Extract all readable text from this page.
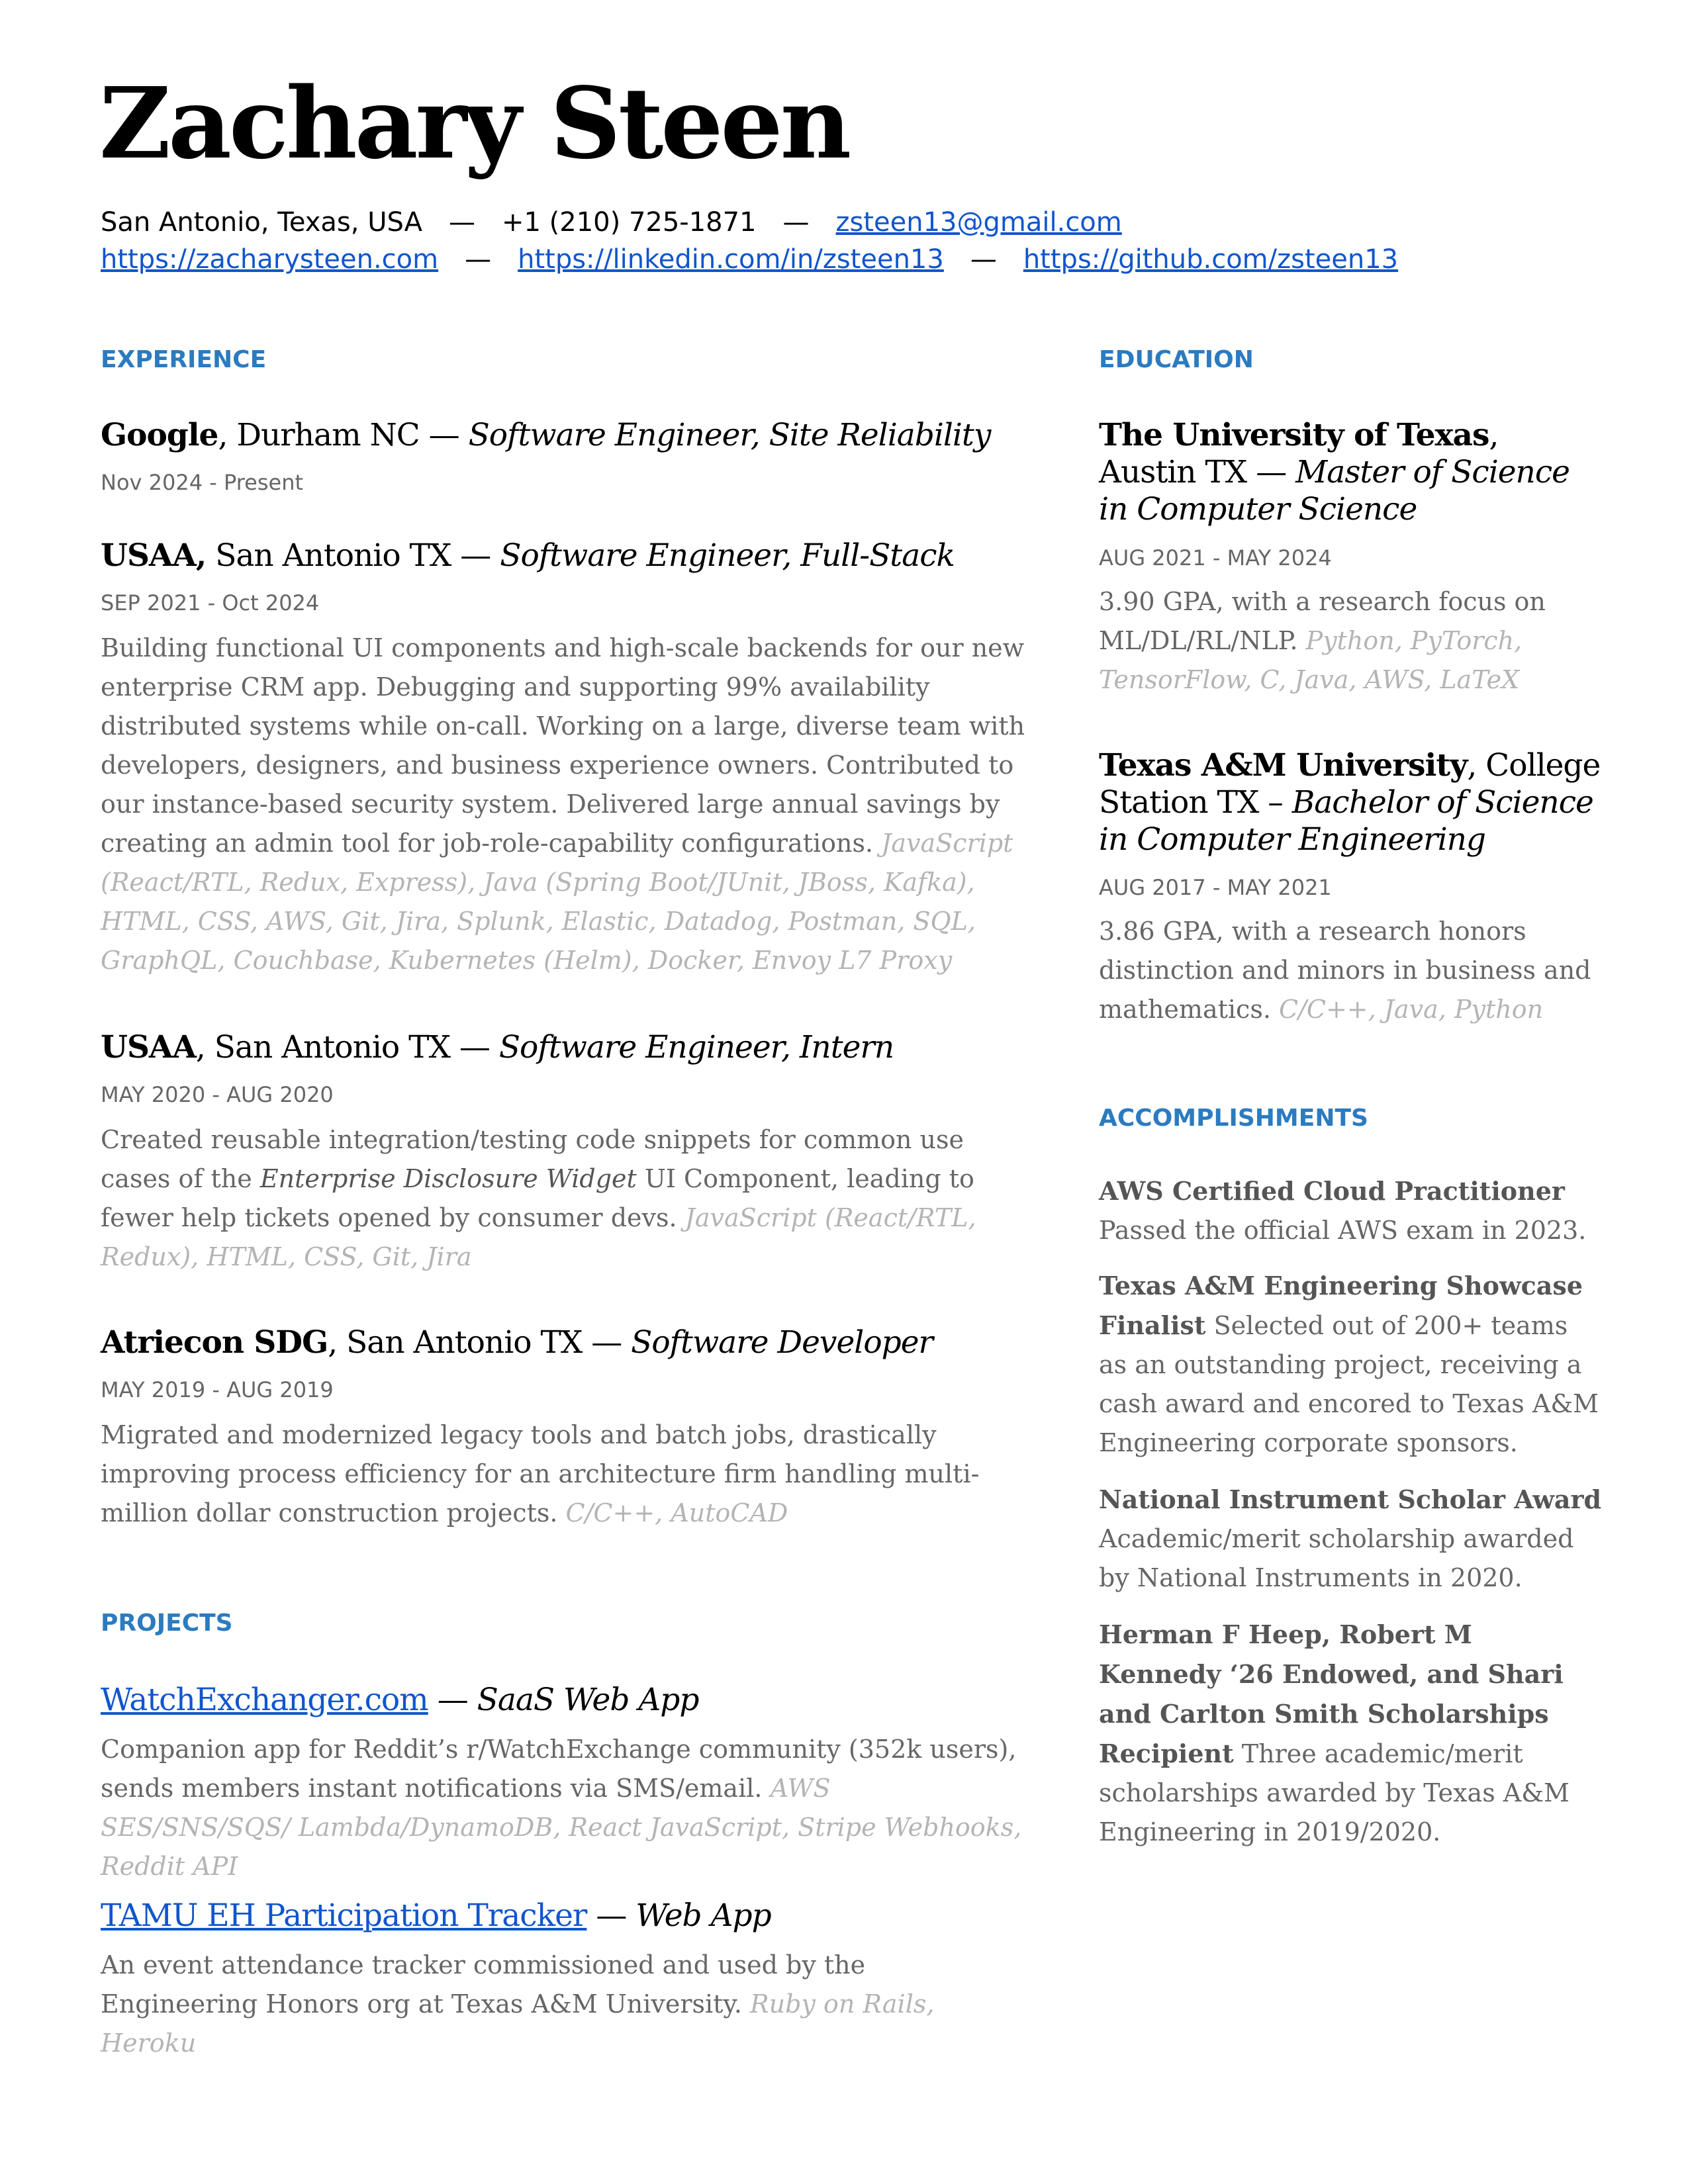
Zachary Steen
San Antonio, Texas, USA — +1 (210) 725-1871 — zsteen13@gmail.com
https://zacharysteen.com — https://linkedin.com/in/zsteen13 — https://github.com/zsteen13
EXPERIENCE
Google, Durham NC — Software Engineer, Site Reliability
Nov 2024 - Present
USAA, San Antonio TX — Software Engineer, Full-Stack
SEP 2021 - Oct 2024
Building functional UI components and high-scale backends for our new enterprise CRM app. Debugging and supporting 99% availability distributed systems while on-call. Working on a large, diverse team with developers, designers, and business experience owners. Contributed to our instance-based security system. Delivered large annual savings by creating an admin tool for job-role-capability configurations. JavaScript (React/RTL, Redux, Express), Java (Spring Boot/JUnit, JBoss, Kafka), HTML, CSS, AWS, Git, Jira, Splunk, Elastic, Datadog, Postman, SQL, GraphQL, Couchbase, Kubernetes (Helm), Docker, Envoy L7 Proxy
USAA, San Antonio TX — Software Engineer, Intern
MAY 2020 - AUG 2020
Created reusable integration/testing code snippets for common use cases of the Enterprise Disclosure Widget UI Component, leading to fewer help tickets opened by consumer devs. JavaScript (React/RTL, Redux), HTML, CSS, Git, Jira
Atriecon SDG, San Antonio TX — Software Developer
MAY 2019 - AUG 2019
Migrated and modernized legacy tools and batch jobs, drastically improving process efficiency for an architecture firm handling multi-million dollar construction projects. C/C++, AutoCAD
PROJECTS
WatchExchanger.com — SaaS Web App
Companion app for Reddit’s r/WatchExchange community (352k users), sends members instant notifications via SMS/email. AWS SES/SNS/SQS/ Lambda/DynamoDB, React JavaScript, Stripe Webhooks, Reddit API
TAMU EH Participation Tracker — Web App
An event attendance tracker commissioned and used by the Engineering Honors org at Texas A&M University. Ruby on Rails, Heroku
EDUCATION
The University of Texas, Austin TX — Master of Science in Computer Science
AUG 2021 - MAY 2024
3.90 GPA, with a research focus on ML/DL/RL/NLP. Python, PyTorch, TensorFlow, C, Java, AWS, LaTeX
Texas A&M University, College Station TX – Bachelor of Science in Computer Engineering
AUG 2017 - MAY 2021
3.86 GPA, with a research honors distinction and minors in business and mathematics. C/C++, Java, Python
ACCOMPLISHMENTS
AWS Certified Cloud Practitioner
Passed the official AWS exam in 2023.
Texas A&M Engineering Showcase Finalist Selected out of 200+ teams as an outstanding project, receiving a cash award and encored to Texas A&M Engineering corporate sponsors.
National Instrument Scholar Award
Academic/merit scholarship awarded by National Instruments in 2020.
Herman F Heep, Robert M Kennedy ‘26 Endowed, and Shari and Carlton Smith Scholarships Recipient Three academic/merit scholarships awarded by Texas A&M Engineering in 2019/2020.
